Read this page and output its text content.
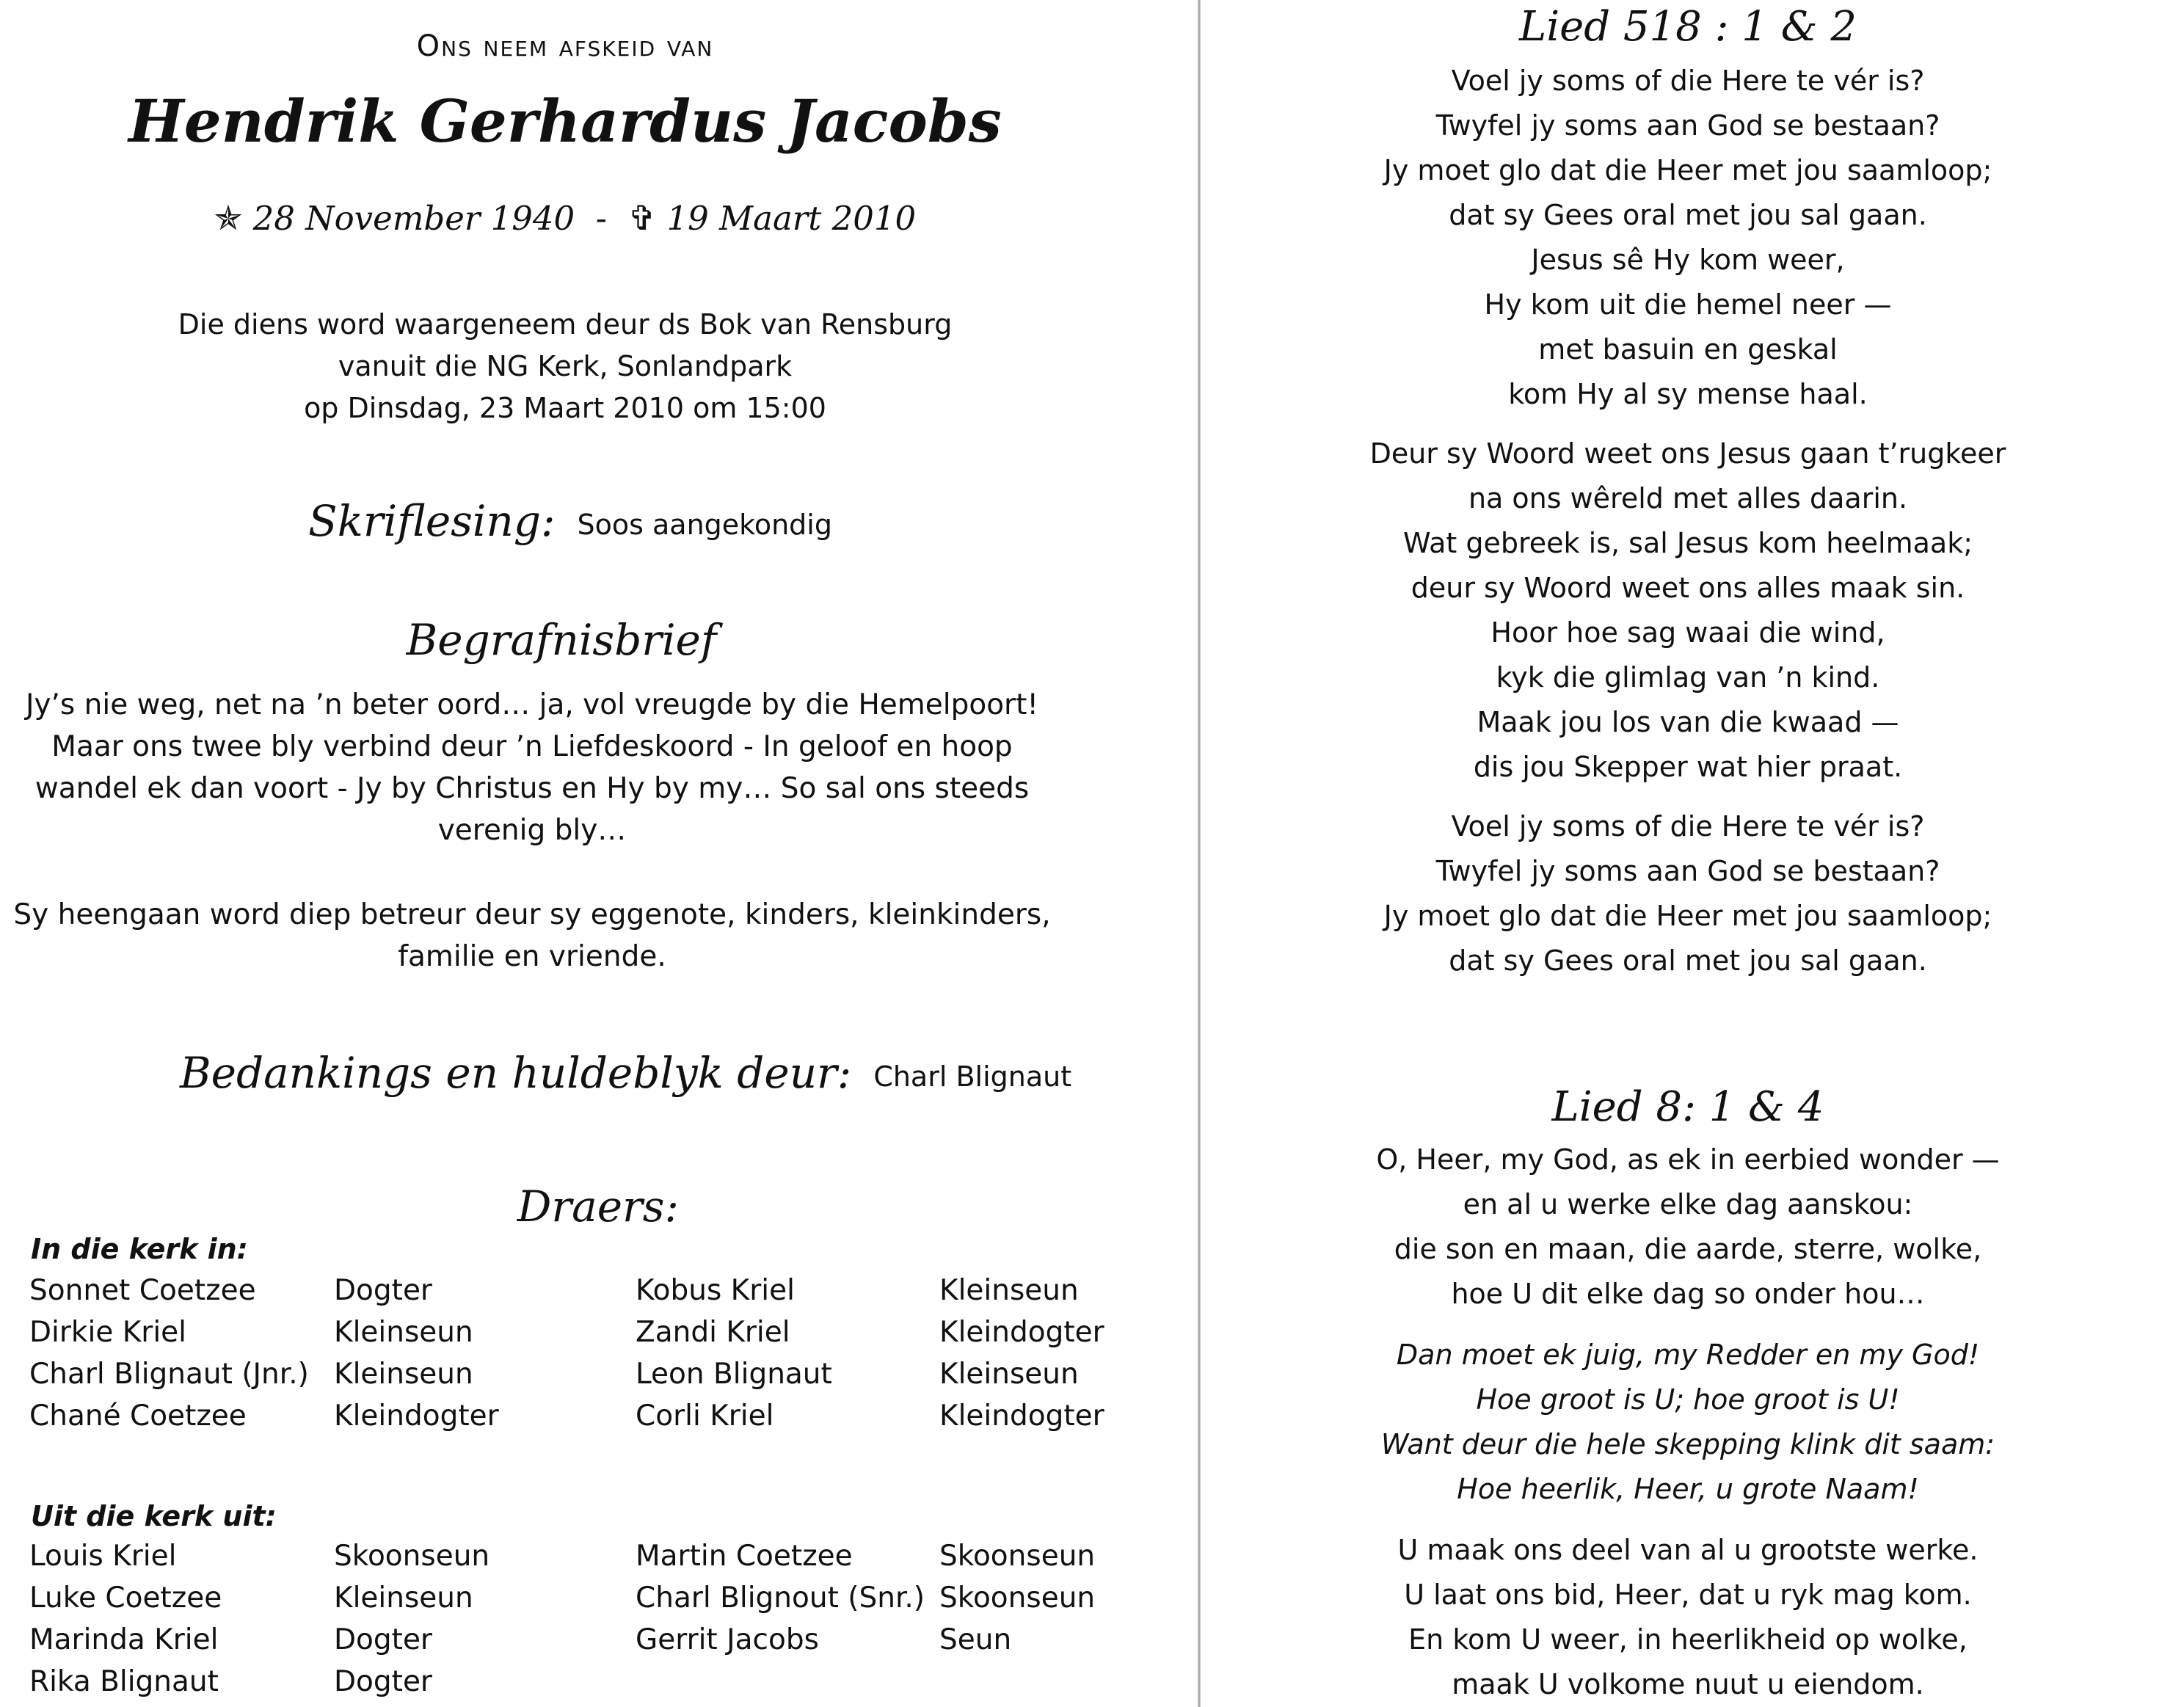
Ons neem afskeid van
Hendrik Gerhardus Jacobs
✯ 28 November 1940 - ✞ 19 Maart 2010
Die diens word waargeneem deur ds Bok van Rensburg
vanuit die NG Kerk, Sonlandpark
op Dinsdag, 23 Maart 2010 om 15:00
Skriflesing: Soos aangekondig
Begrafnisbrief
Jy’s nie weg, net na ’n beter oord… ja, vol vreugde by die Hemelpoort!
Maar ons twee bly verbind deur ’n Liefdeskoord - In geloof en hoop
wandel ek dan voort - Jy by Christus en Hy by my… So sal ons steeds
verenig bly…
Sy heengaan word diep betreur deur sy eggenote, kinders, kleinkinders,
familie en vriende.
Bedankings en huldeblyk deur: Charl Blignaut
Draers:
In die kerk in:
Sonnet Coetzee	Dogter	Kobus Kriel	Kleinseun
Dirkie Kriel	Kleinseun	Zandi Kriel	Kleindogter
Charl Blignaut (Jnr.) Kleinseun	Leon Blignaut	Kleinseun
Chané Coetzee	Kleindogter	Corli Kriel	Kleindogter
Uit die kerk uit:
Louis Kriel	Skoonseun	Martin Coetzee	Skoonseun
Luke Coetzee	Kleinseun	Charl Blignout (Snr.) Skoonseun
Marinda Kriel	Dogter	Gerrit Jacobs	Seun
Rika Blignaut	Dogter
Lied 518 : 1 & 2
Voel jy soms of die Here te vér is?
Twyfel jy soms aan God se bestaan?
Jy moet glo dat die Heer met jou saamloop;
dat sy Gees oral met jou sal gaan.
Jesus sê Hy kom weer,
Hy kom uit die hemel neer —
met basuin en geskal
kom Hy al sy mense haal.
Deur sy Woord weet ons Jesus gaan t’rugkeer
na ons wêreld met alles daarin.
Wat gebreek is, sal Jesus kom heelmaak;
deur sy Woord weet ons alles maak sin.
Hoor hoe sag waai die wind,
kyk die glimlag van ’n kind.
Maak jou los van die kwaad —
dis jou Skepper wat hier praat.
Voel jy soms of die Here te vér is?
Twyfel jy soms aan God se bestaan?
Jy moet glo dat die Heer met jou saamloop;
dat sy Gees oral met jou sal gaan.
Lied 8: 1 & 4
O, Heer, my God, as ek in eerbied wonder —
en al u werke elke dag aanskou:
die son en maan, die aarde, sterre, wolke,
hoe U dit elke dag so onder hou…
Dan moet ek juig, my Redder en my God!
Hoe groot is U; hoe groot is U!
Want deur die hele skepping klink dit saam:
Hoe heerlik, Heer, u grote Naam!
U maak ons deel van al u grootste werke.
U laat ons bid, Heer, dat u ryk mag kom.
En kom U weer, in heerlikheid op wolke,
maak U volkome nuut u eiendom.
